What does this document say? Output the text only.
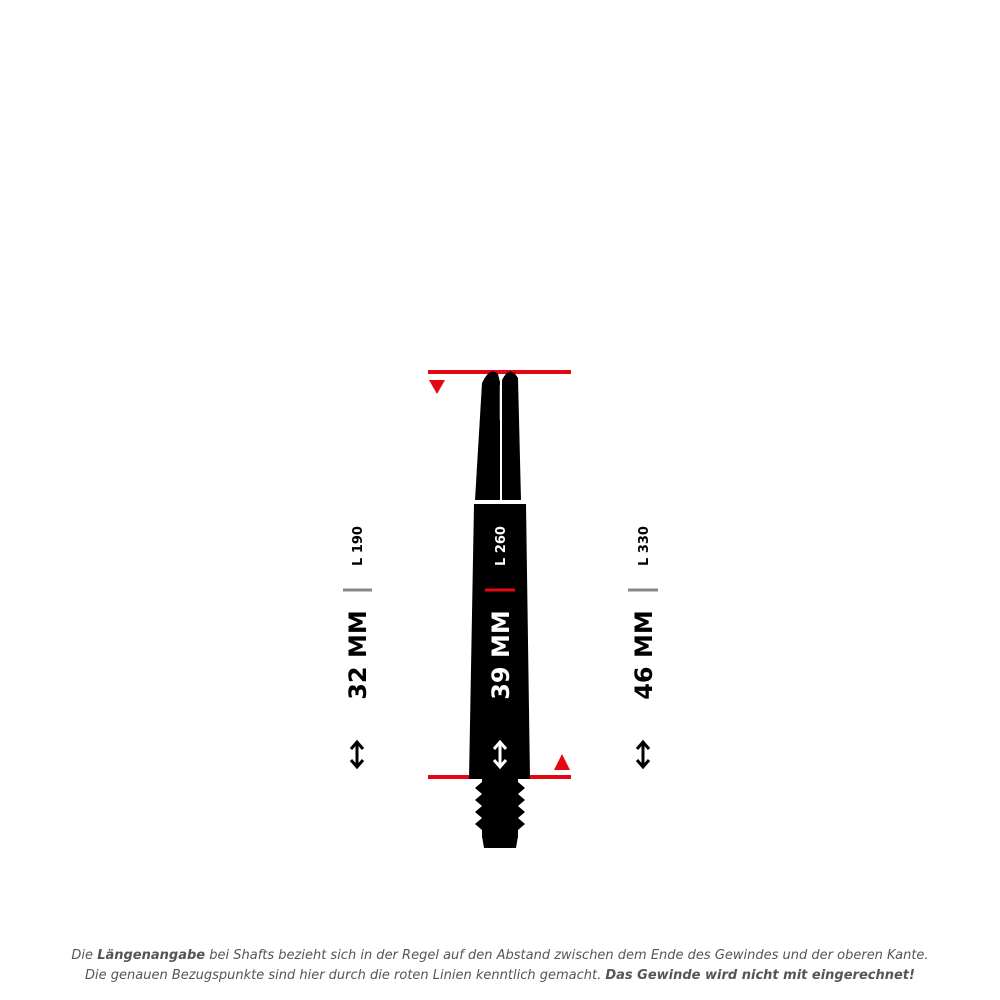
L 190
32 MM
L 260
39 MM
L 330
46 MM
Die Längenangabe bei Shafts bezieht sich in der Regel auf den Abstand zwischen dem Ende des Gewindes und der oberen Kante.
Die genauen Bezugspunkte sind hier durch die roten Linien kenntlich gemacht. Das Gewinde wird nicht mit eingerechnet!
